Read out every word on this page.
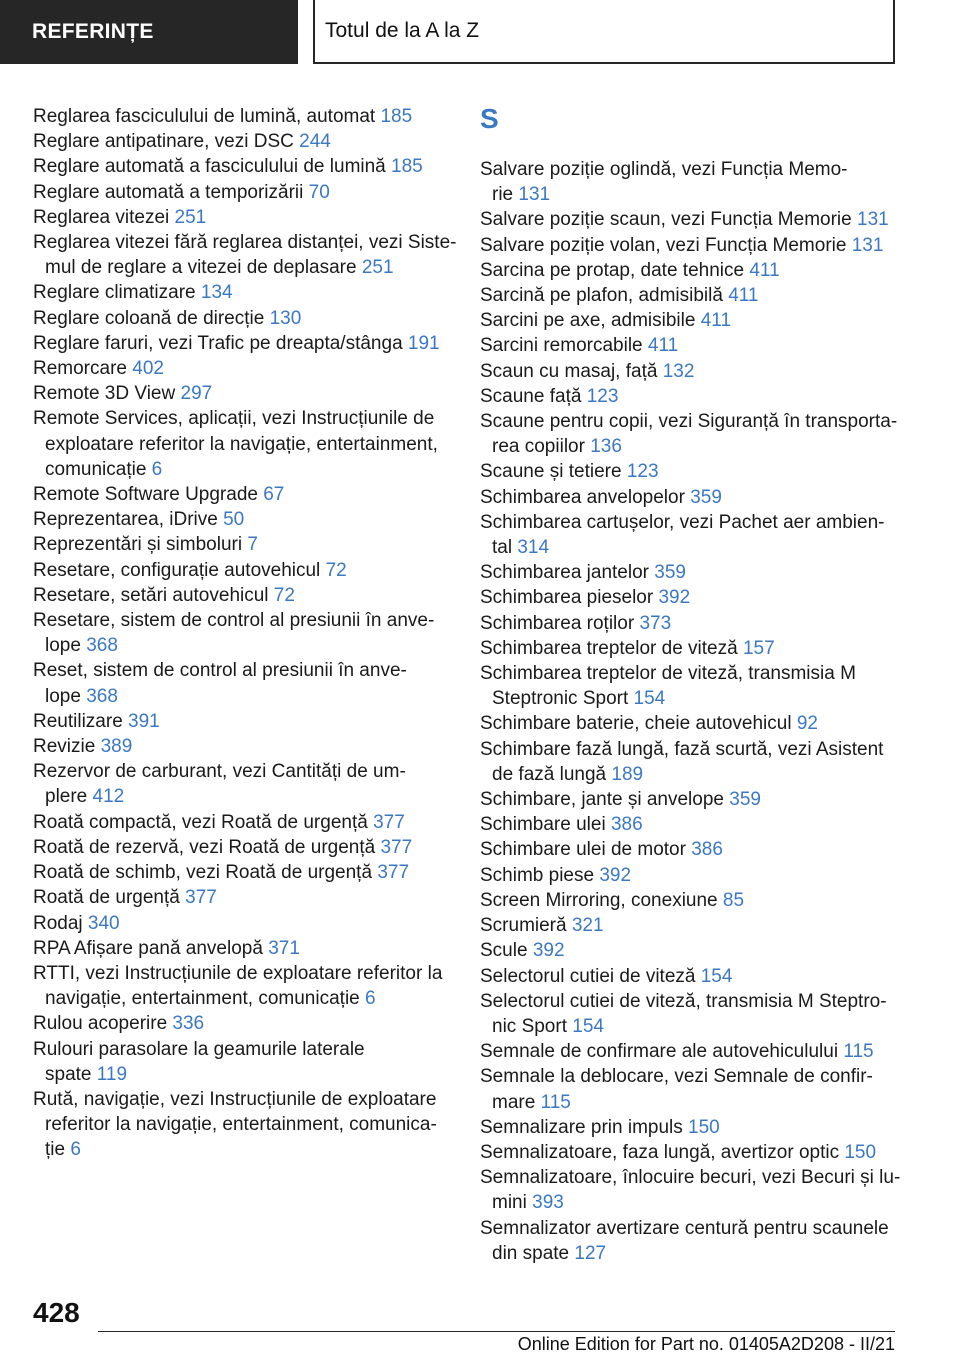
REFERINȚE	Totul de la A la Z
Reglarea fasciculului de lumină, automat 185
Reglare antipatinare, vezi DSC 244
Reglare automată a fasciculului de lumină 185
Reglare automată a temporizării 70
Reglarea vitezei 251
Reglarea vitezei fără reglarea distanței, vezi Siste-
mul de reglare a vitezei de deplasare 251
Reglare climatizare 134
Reglare coloană de direcție 130
Reglare faruri, vezi Trafic pe dreapta/stânga 191
Remorcare 402
Remote 3D View 297
Remote Services, aplicații, vezi Instrucțiunile de
exploatare referitor la navigație, entertainment,
comunicație 6
Remote Software Upgrade 67
Reprezentarea, iDrive 50
Reprezentări și simboluri 7
Resetare, configurație autovehicul 72
Resetare, setări autovehicul 72
Resetare, sistem de control al presiunii în anve-
lope 368
Reset, sistem de control al presiunii în anve-
lope 368
Reutilizare 391
Revizie 389
Rezervor de carburant, vezi Cantități de um-
plere 412
Roată compactă, vezi Roată de urgență 377
Roată de rezervă, vezi Roată de urgență 377
Roată de schimb, vezi Roată de urgență 377
Roată de urgență 377
Rodaj 340
RPA Afișare pană anvelopă 371
RTTI, vezi Instrucțiunile de exploatare referitor la
navigație, entertainment, comunicație 6
Rulou acoperire 336
Rulouri parasolare la geamurile laterale
spate 119
Rută, navigație, vezi Instrucțiunile de exploatare
referitor la navigație, entertainment, comunica-
ție 6
S
Salvare poziție oglindă, vezi Funcția Memo-
rie 131
Salvare poziție scaun, vezi Funcția Memorie 131
Salvare poziție volan, vezi Funcția Memorie 131
Sarcina pe protap, date tehnice 411
Sarcină pe plafon, admisibilă 411
Sarcini pe axe, admisibile 411
Sarcini remorcabile 411
Scaun cu masaj, față 132
Scaune față 123
Scaune pentru copii, vezi Siguranță în transporta-
rea copiilor 136
Scaune și tetiere 123
Schimbarea anvelopelor 359
Schimbarea cartușelor, vezi Pachet aer ambien-
tal 314
Schimbarea jantelor 359
Schimbarea pieselor 392
Schimbarea roților 373
Schimbarea treptelor de viteză 157
Schimbarea treptelor de viteză, transmisia M
Steptronic Sport 154
Schimbare baterie, cheie autovehicul 92
Schimbare fază lungă, fază scurtă, vezi Asistent
de fază lungă 189
Schimbare, jante și anvelope 359
Schimbare ulei 386
Schimbare ulei de motor 386
Schimb piese 392
Screen Mirroring, conexiune 85
Scrumieră 321
Scule 392
Selectorul cutiei de viteză 154
Selectorul cutiei de viteză, transmisia M Steptro-
nic Sport 154
Semnale de confirmare ale autovehiculului 115
Semnale la deblocare, vezi Semnale de confir-
mare 115
Semnalizare prin impuls 150
Semnalizatoare, faza lungă, avertizor optic 150
Semnalizatoare, înlocuire becuri, vezi Becuri și lu-
mini 393
Semnalizator avertizare centură pentru scaunele
din spate 127
428
Online Edition for Part no. 01405A2D208 - II/21
